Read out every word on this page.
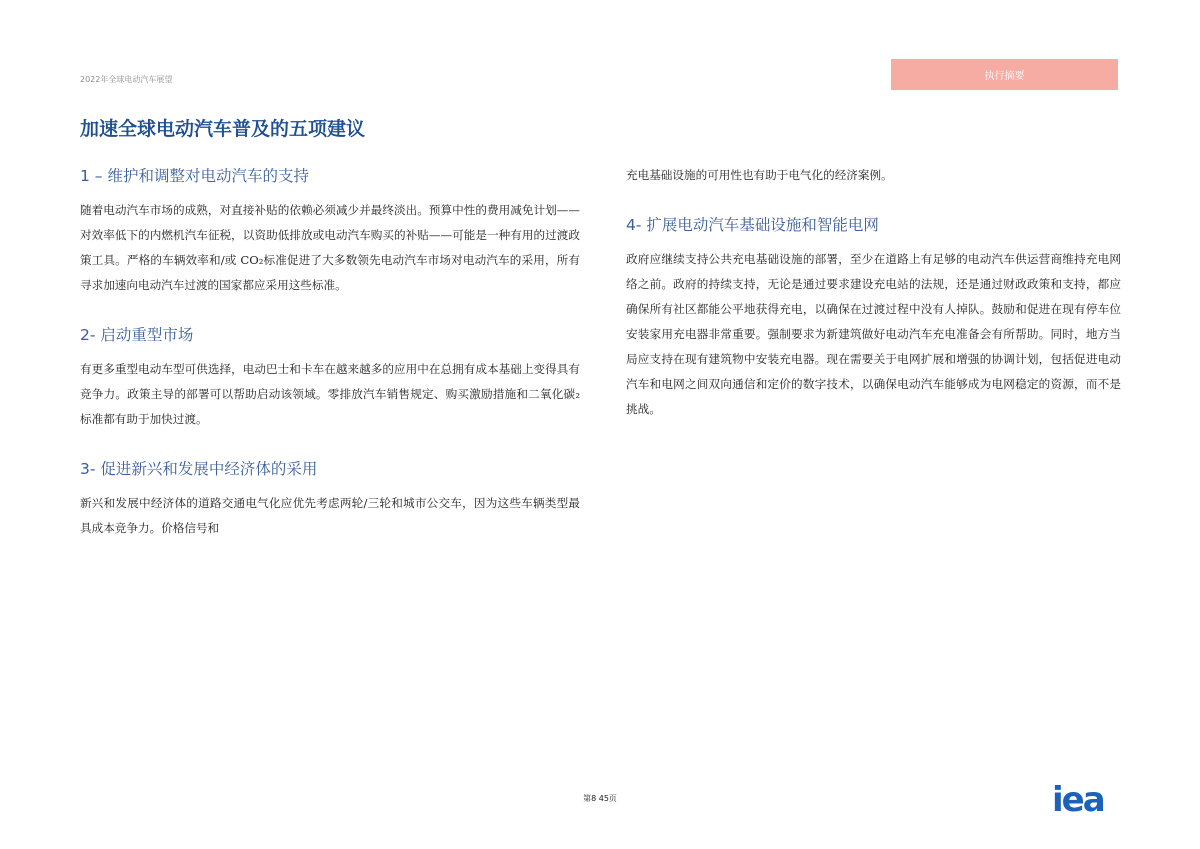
2022年全球电动汽车展望	执行摘要
加速全球电动汽车普及的五项建议
1 – 维护和调整对电动汽车的支持

随着电动汽车市场的成熟，对直接补贴的依赖必须减少并最终淡出。预算中性的费用减免计划——对效率低下的内燃机汽车征税，以资助低排放或电动汽车购买的补贴——可能是一种有用的过渡政策工具。严格的车辆效率和/或 CO₂标准促进了大多数领先电动汽车市场对电动汽车的采用，所有寻求加速向电动汽车过渡的国家都应采用这些标准。

2- 启动重型市场

有更多重型电动车型可供选择，电动巴士和卡车在越来越多的应用中在总拥有成本基础上变得具有竞争力。政策主导的部署可以帮助启动该领域。零排放汽车销售规定、购买激励措施和二氧化碳₂标准都有助于加快过渡。

3- 促进新兴和发展中经济体的采用

新兴和发展中经济体的道路交通电气化应优先考虑两轮/三轮和城市公交车，因为这些车辆类型最具成本竞争力。价格信号和

充电基础设施的可用性也有助于电气化的经济案例。

4- 扩展电动汽车基础设施和智能电网

政府应继续支持公共充电基础设施的部署，至少在道路上有足够的电动汽车供运营商维持充电网络之前。政府的持续支持，无论是通过要求建设充电站的法规，还是通过财政政策和支持，都应确保所有社区都能公平地获得充电，以确保在过渡过程中没有人掉队。鼓励和促进在现有停车位安装家用充电器非常重要。强制要求为新建筑做好电动汽车充电准备会有所帮助。同时，地方当局应支持在现有建筑物中安装充电器。现在需要关于电网扩展和增强的协调计划，包括促进电动汽车和电网之间双向通信和定价的数字技术，以确保电动汽车能够成为电网稳定的资源，而不是挑战。

第8 45页	iea
